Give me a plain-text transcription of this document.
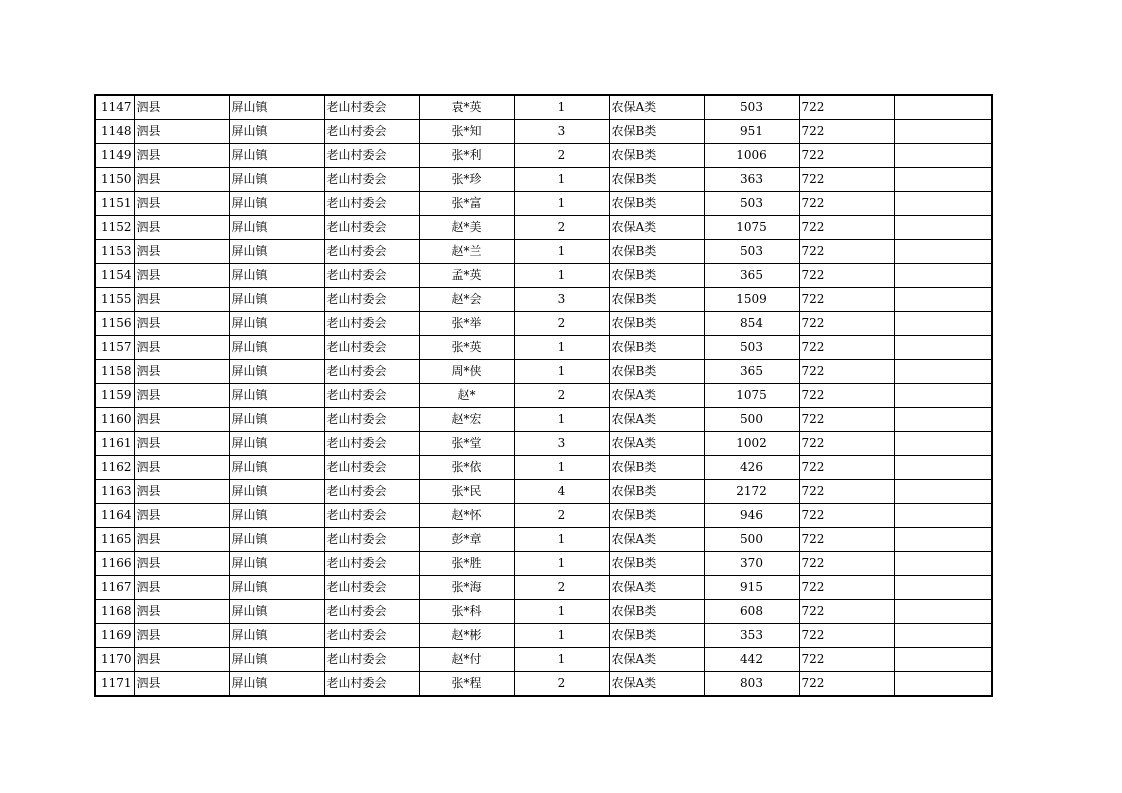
1147	泗县	屏山镇	老山村委会	袁*英	1	农保A类	503	722	
1148	泗县	屏山镇	老山村委会	张*知	3	农保B类	951	722	
1149	泗县	屏山镇	老山村委会	张*利	2	农保B类	1006	722	
1150	泗县	屏山镇	老山村委会	张*珍	1	农保B类	363	722	
1151	泗县	屏山镇	老山村委会	张*富	1	农保B类	503	722	
1152	泗县	屏山镇	老山村委会	赵*美	2	农保A类	1075	722	
1153	泗县	屏山镇	老山村委会	赵*兰	1	农保B类	503	722	
1154	泗县	屏山镇	老山村委会	孟*英	1	农保B类	365	722	
1155	泗县	屏山镇	老山村委会	赵*会	3	农保B类	1509	722	
1156	泗县	屏山镇	老山村委会	张*举	2	农保B类	854	722	
1157	泗县	屏山镇	老山村委会	张*英	1	农保B类	503	722	
1158	泗县	屏山镇	老山村委会	周*侠	1	农保B类	365	722	
1159	泗县	屏山镇	老山村委会	赵*	2	农保A类	1075	722	
1160	泗县	屏山镇	老山村委会	赵*宏	1	农保A类	500	722	
1161	泗县	屏山镇	老山村委会	张*堂	3	农保A类	1002	722	
1162	泗县	屏山镇	老山村委会	张*依	1	农保B类	426	722	
1163	泗县	屏山镇	老山村委会	张*民	4	农保B类	2172	722	
1164	泗县	屏山镇	老山村委会	赵*怀	2	农保B类	946	722	
1165	泗县	屏山镇	老山村委会	彭*章	1	农保A类	500	722	
1166	泗县	屏山镇	老山村委会	张*胜	1	农保B类	370	722	
1167	泗县	屏山镇	老山村委会	张*海	2	农保A类	915	722	
1168	泗县	屏山镇	老山村委会	张*科	1	农保B类	608	722	
1169	泗县	屏山镇	老山村委会	赵*彬	1	农保B类	353	722	
1170	泗县	屏山镇	老山村委会	赵*付	1	农保A类	442	722	
1171	泗县	屏山镇	老山村委会	张*程	2	农保A类	803	722	
